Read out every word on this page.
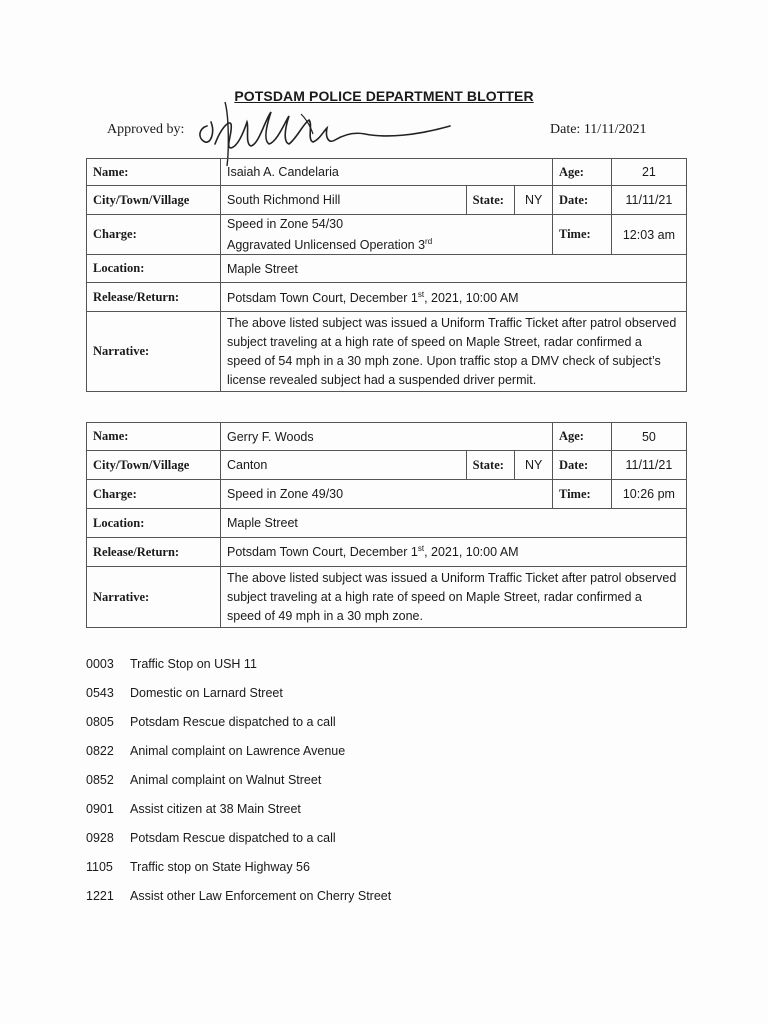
POTSDAM POLICE DEPARTMENT BLOTTER
Approved by:	Date: 11/11/2021
Name:	Isaiah A. Candelaria			Age:	21
City/Town/Village	South Richmond Hill	State:	NY	Date:	11/11/21
Charge:	Speed in Zone 54/30
Aggravated Unlicensed Operation 3rd			Time:	12:03 am
Location:	Maple Street				
Release/Return:	Potsdam Town Court, December 1st, 2021, 10:00 AM				
Narrative:	The above listed subject was issued a Uniform Traffic Ticket after patrol observed
subject traveling at a high rate of speed on Maple Street, radar confirmed a
speed of 54 mph in a 30 mph zone. Upon traffic stop a DMV check of subject’s
license revealed subject had a suspended driver permit.				
Name:	Gerry F. Woods			Age:	50
City/Town/Village	Canton	State:	NY	Date:	11/11/21
Charge:	Speed in Zone 49/30			Time:	10:26 pm
Location:	Maple Street				
Release/Return:	Potsdam Town Court, December 1st, 2021, 10:00 AM				
Narrative:	The above listed subject was issued a Uniform Traffic Ticket after patrol observed
subject traveling at a high rate of speed on Maple Street, radar confirmed a
speed of 49 mph in a 30 mph zone.				
0003 Traffic Stop on USH 11
0543 Domestic on Larnard Street
0805 Potsdam Rescue dispatched to a call
0822 Animal complaint on Lawrence Avenue
0852 Animal complaint on Walnut Street
0901 Assist citizen at 38 Main Street
0928 Potsdam Rescue dispatched to a call
1105 Traffic stop on State Highway 56
1221 Assist other Law Enforcement on Cherry Street
